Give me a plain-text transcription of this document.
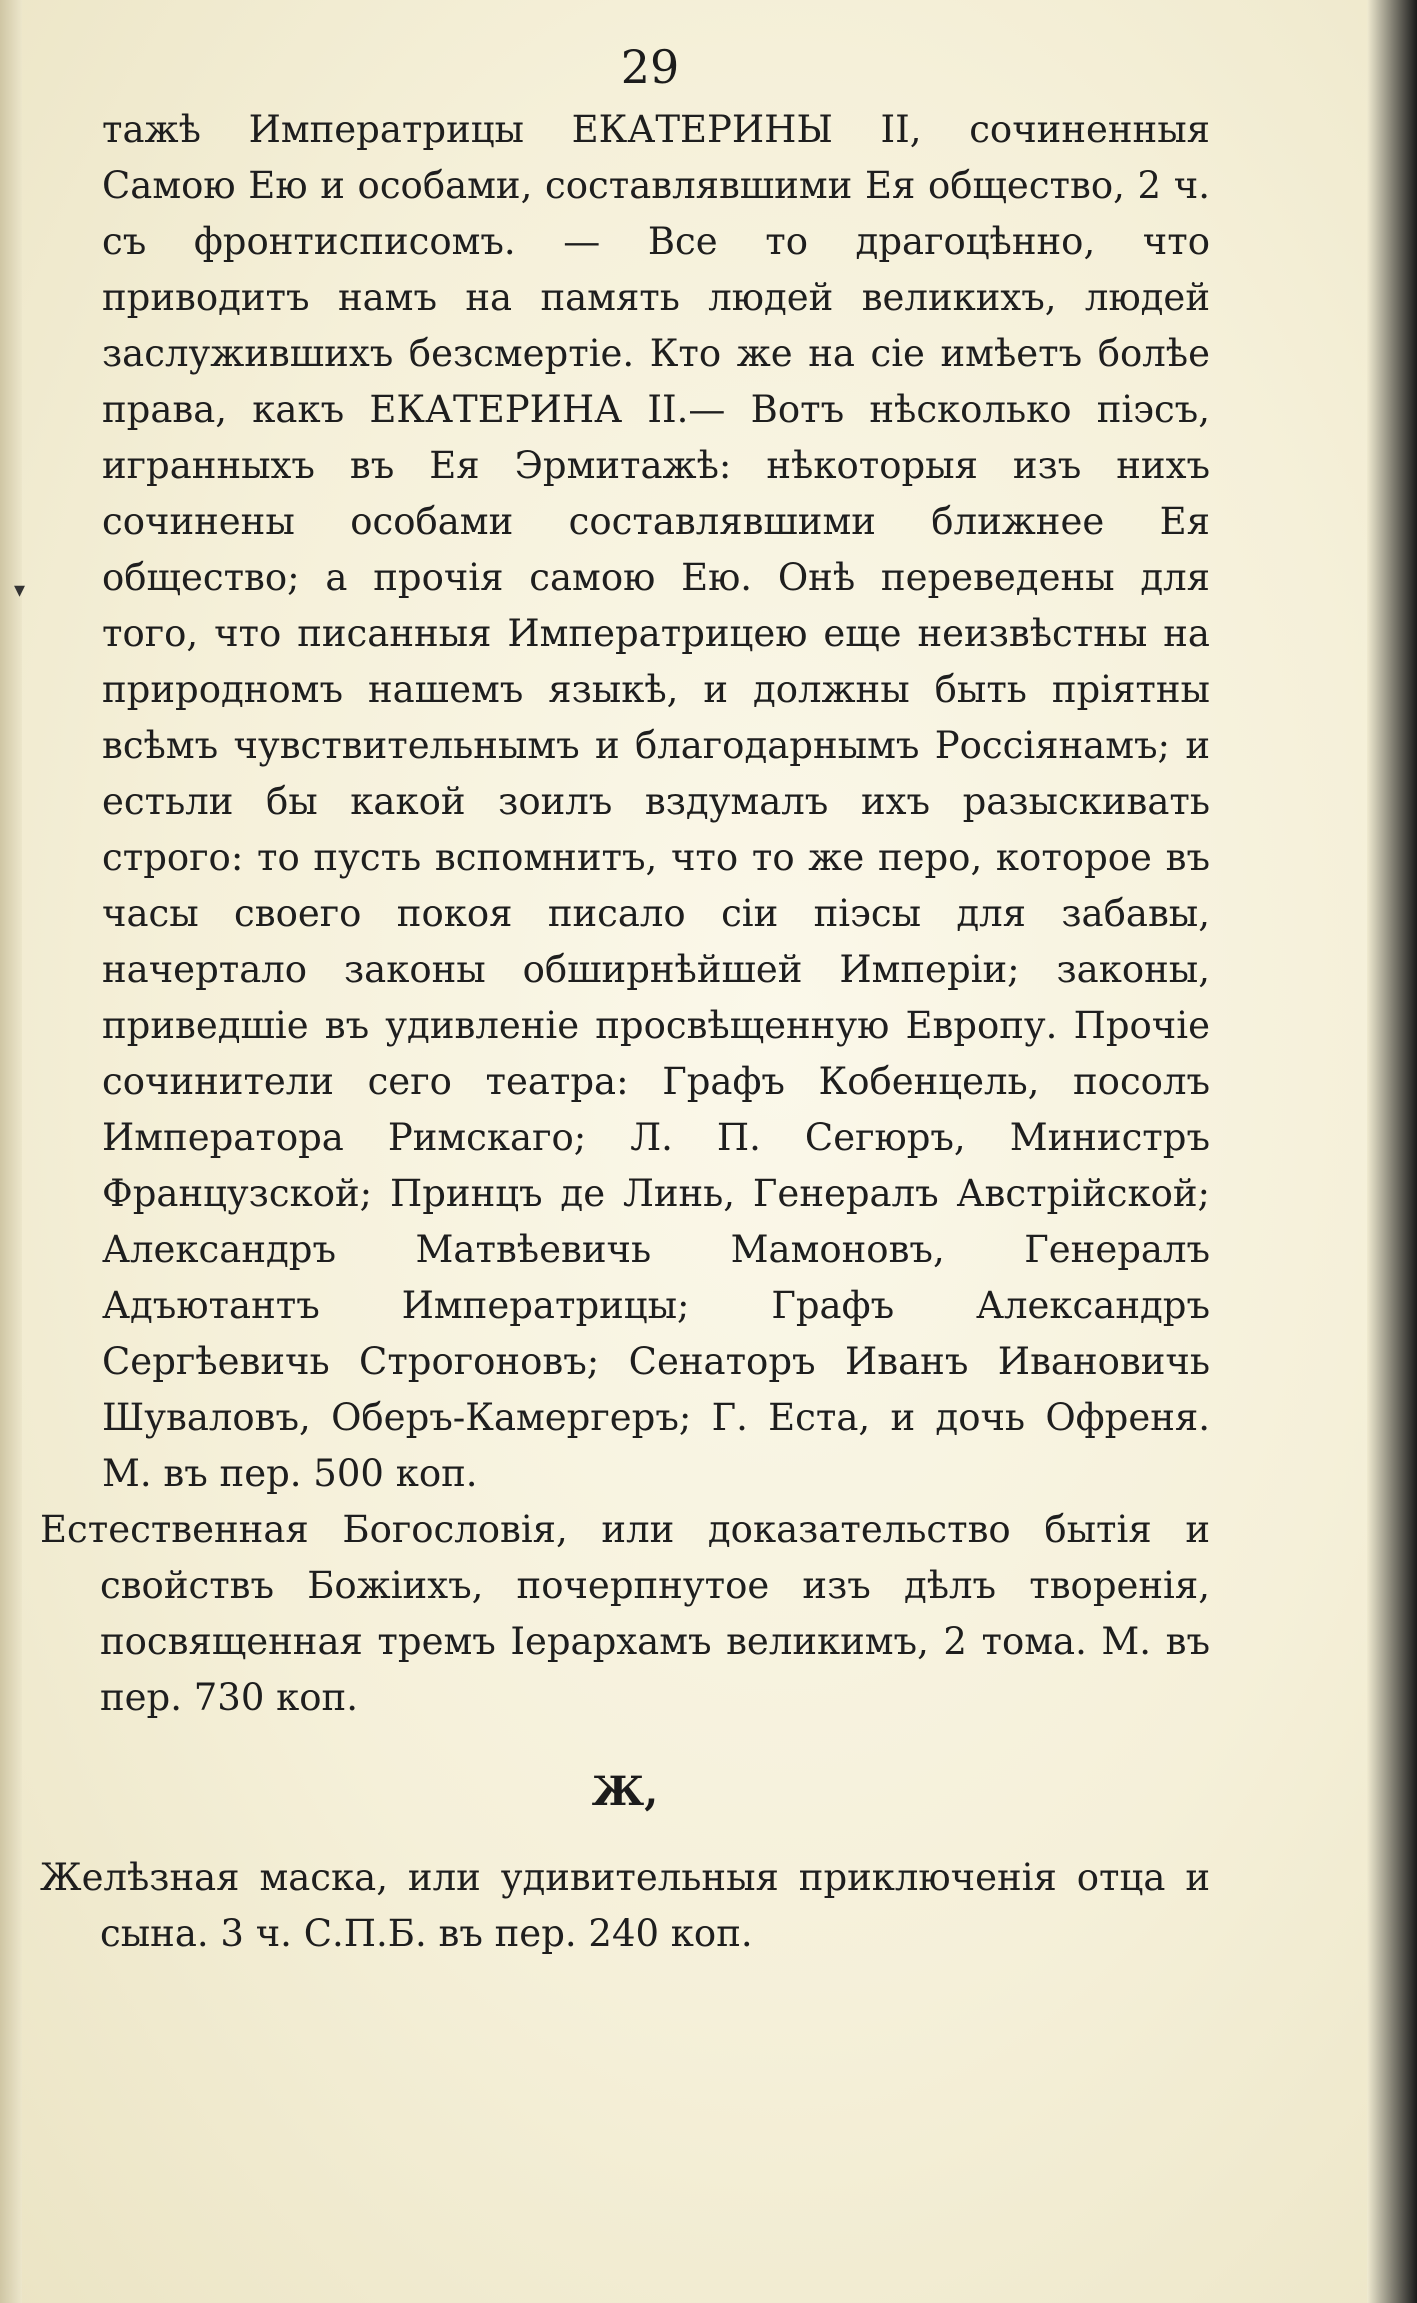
29

тажѣ Императрицы ЕКАТЕРИНЫ II, сочиненныя Самою Ею и особами, составлявшими Ея общество, 2 ч. съ фронтисписомъ. — Все то драгоцѣнно, что приводитъ намъ на память людей великихъ, людей заслужившихъ безсмертіе. Кто же на сіе имѣетъ болѣе права, какъ ЕКАТЕРИНА II.— Вотъ нѣсколько піэсъ, игранныхъ въ Ея Эрмитажѣ: нѣкоторыя изъ нихъ сочинены особами составлявшими ближнее Ея общество; а прочія самою Ею. Онѣ переведены для того, что писанныя Императрицею еще неизвѣстны на природномъ нашемъ языкѣ, и должны быть пріятны всѣмъ чувствительнымъ и благодарнымъ Россіянамъ; и естьли бы какой зоилъ вздумалъ ихъ разыскивать строго: то пусть вспомнитъ, что то же перо, которое въ часы своего покоя писало сіи піэсы для забавы, начертало законы обширнѣйшей Имперіи; законы, приведшіе въ удивленіе просвѣщенную Европу. Прочіе сочинители сего театра: Графъ Кобенцель, посолъ Императора Римскаго; Л. П. Сегюръ, Министръ Французской; Принцъ де Линь, Генералъ Австрійской; Александръ Матвѣевичь Мамоновъ, Генералъ Адъютантъ Императрицы; Графъ Александръ Сергѣевичь Строгоновъ; Сенаторъ Иванъ Ивановичь Шуваловъ, Оберъ-Камергеръ; Г. Еста, и дочь Офреня. М. въ пер. 500 коп.

Естественная Богословія, или доказательство бытія и свойствъ Божіихъ, почерпнутое изъ дѣлъ творенія, посвященная тремъ Іерархамъ великимъ, 2 тома. М. въ пер. 730 коп.

Ж,

Желѣзная маска, или удивительныя приключенія отца и сына. 3 ч. С.П.Б. въ пер. 240 коп.

▾
